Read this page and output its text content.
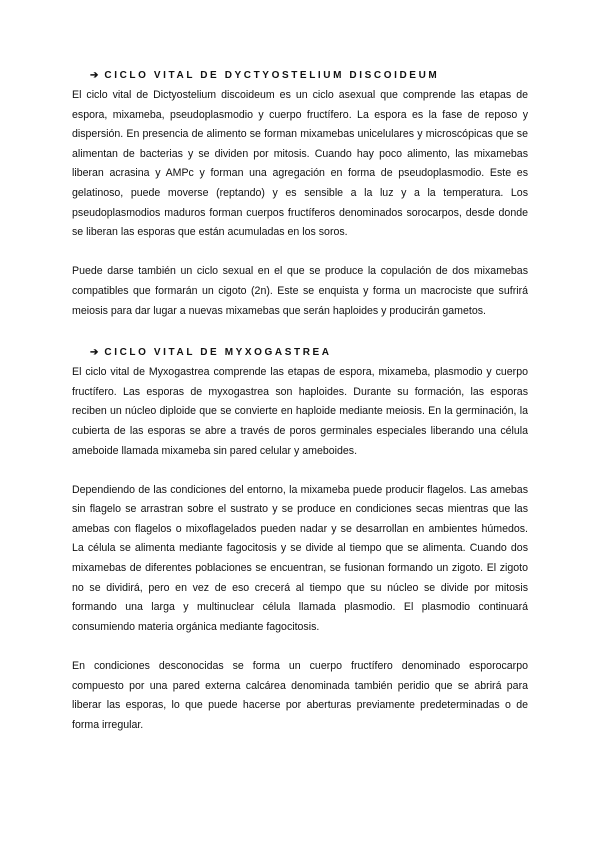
➔ CICLO VITAL DE DYCTYOSTELIUM DISCOIDEUM

El ciclo vital de Dictyostelium discoideum es un ciclo asexual que comprende las etapas de espora, mixameba, pseudoplasmodio y cuerpo fructífero. La espora es la fase de reposo y dispersión. En presencia de alimento se forman mixamebas unicelulares y microscópicas que se alimentan de bacterias y se dividen por mitosis. Cuando hay poco alimento, las mixamebas liberan acrasina y AMPc y forman una agregación en forma de pseudoplasmodio. Este es gelatinoso, puede moverse (reptando) y es sensible a la luz y a la temperatura. Los pseudoplasmodios maduros forman cuerpos fructíferos denominados sorocarpos, desde donde se liberan las esporas que están acumuladas en los soros.

Puede darse también un ciclo sexual en el que se produce la copulación de dos mixamebas compatibles que formarán un cigoto (2n). Este se enquista y forma un macrociste que sufrirá meiosis para dar lugar a nuevas mixamebas que serán haploides y producirán gametos.

➔ CICLO VITAL DE MYXOGASTREA

El ciclo vital de Myxogastrea comprende las etapas de espora, mixameba, plasmodio y cuerpo fructífero. Las esporas de myxogastrea son haploides. Durante su formación, las esporas reciben un núcleo diploide que se convierte en haploide mediante meiosis. En la germinación, la cubierta de las esporas se abre a través de poros germinales especiales liberando una célula ameboide llamada mixameba sin pared celular y ameboides.

Dependiendo de las condiciones del entorno, la mixameba puede producir flagelos. Las amebas sin flagelo se arrastran sobre el sustrato y se produce en condiciones secas mientras que las amebas con flagelos o mixoflagelados pueden nadar y se desarrollan en ambientes húmedos. La célula se alimenta mediante fagocitosis y se divide al tiempo que se alimenta. Cuando dos mixamebas de diferentes poblaciones se encuentran, se fusionan formando un zigoto. El zigoto no se dividirá, pero en vez de eso crecerá al tiempo que su núcleo se divide por mitosis formando una larga y multinuclear célula llamada plasmodio. El plasmodio continuará consumiendo materia orgánica mediante fagocitosis.

En condiciones desconocidas se forma un cuerpo fructífero denominado esporocarpo compuesto por una pared externa calcárea denominada también peridio que se abrirá para liberar las esporas, lo que puede hacerse por aberturas previamente predeterminadas o de forma irregular.
